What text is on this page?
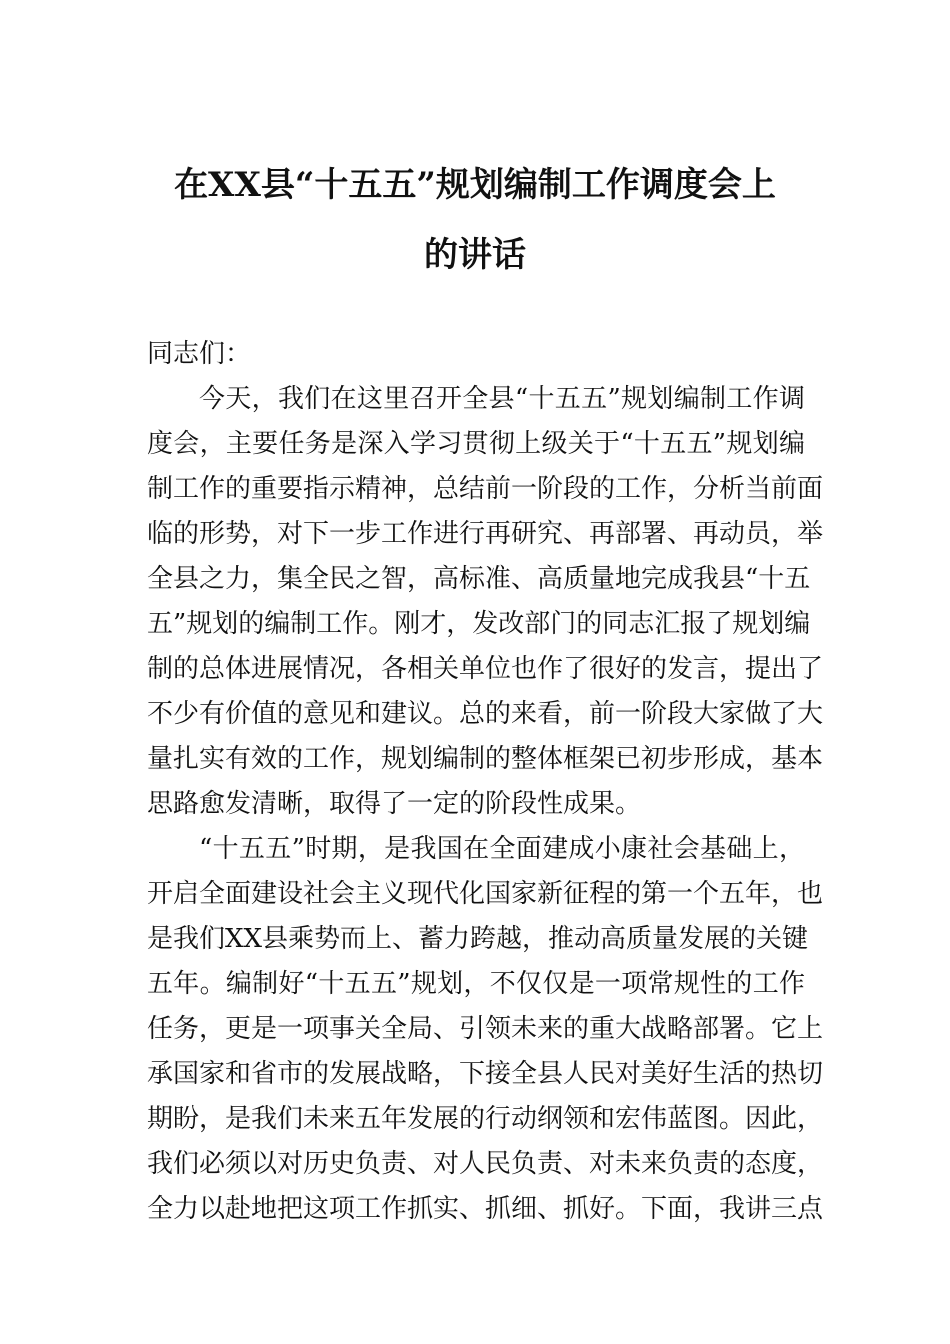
在XX县“十五五”规划编制工作调度会上
的讲话
同志们：
今天，我们在这里召开全县“十五五”规划编制工作调
度会，主要任务是深入学习贯彻上级关于“十五五”规划编
制工作的重要指示精神，总结前一阶段的工作，分析当前面
临的形势，对下一步工作进行再研究、再部署、再动员，举
全县之力，集全民之智，高标准、高质量地完成我县“十五
五”规划的编制工作。刚才，发改部门的同志汇报了规划编
制的总体进展情况，各相关单位也作了很好的发言，提出了
不少有价值的意见和建议。总的来看，前一阶段大家做了大
量扎实有效的工作，规划编制的整体框架已初步形成，基本
思路愈发清晰，取得了一定的阶段性成果。
“十五五”时期，是我国在全面建成小康社会基础上，
开启全面建设社会主义现代化国家新征程的第一个五年，也
是我们XX县乘势而上、蓄力跨越，推动高质量发展的关键
五年。编制好“十五五”规划，不仅仅是一项常规性的工作
任务，更是一项事关全局、引领未来的重大战略部署。它上
承国家和省市的发展战略，下接全县人民对美好生活的热切
期盼，是我们未来五年发展的行动纲领和宏伟蓝图。因此，
我们必须以对历史负责、对人民负责、对未来负责的态度，
全力以赴地把这项工作抓实、抓细、抓好。下面，我讲三点
